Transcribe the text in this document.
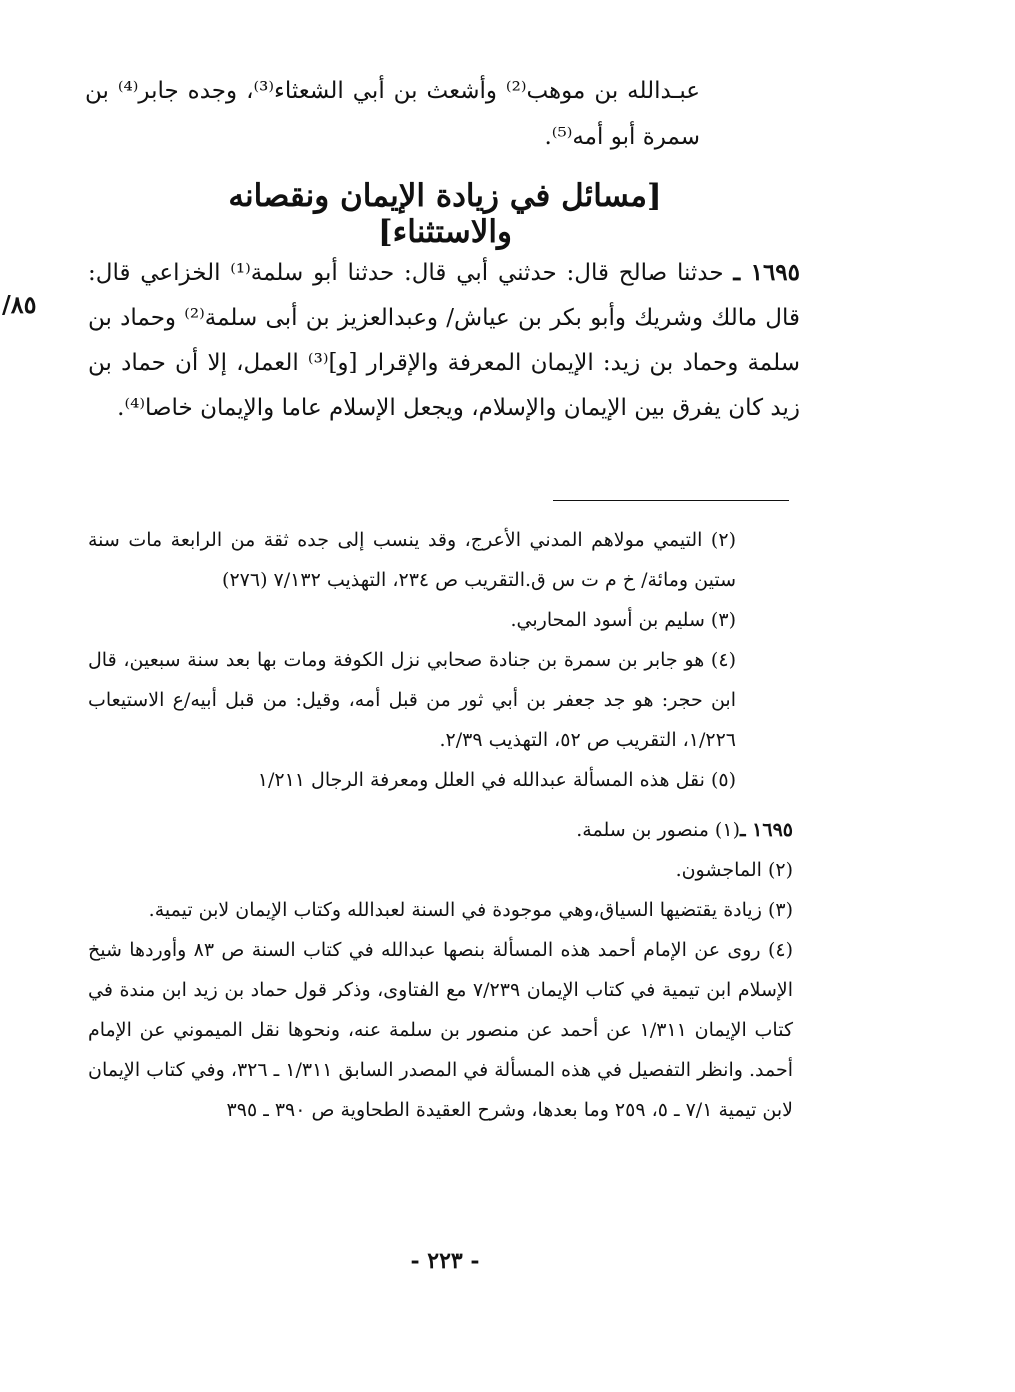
عبـدالله بن موهب⁽²⁾ وأشعث بن أبي الشعثاء⁽³⁾، وجده جابر⁽⁴⁾ بن سمرة أبو أمه⁽⁵⁾.
[مسائل في زيادة الإيمان ونقصانه والاستثناء]
١٦٩٥ ـ حدثنا صالح قال: حدثني أبي قال: حدثنا أبو سلمة⁽¹⁾ الخزاعي قال: قال مالك وشريك وأبو بكر بن عياش/ وعبدالعزيز بن أبى سلمة⁽²⁾ وحماد بن سلمة وحماد بن زيد: الإيمان المعرفة والإقرار [و]⁽³⁾ العمل، إلا أن حماد بن زيد كان يفرق بين الإيمان والإسلام، ويجعل الإسلام عاما والإيمان خاصا⁽⁴⁾.
/٨٥

(٢) التيمي مولاهم المدني الأعرج، وقد ينسب إلى جده ثقة من الرابعة مات سنة ستين ومائة/ خ م ت س ق.التقريب ص ٢٣٤، التهذيب ٧/١٣٢ (٢٧٦)

(٣) سليم بن أسود المحاربي.

(٤) هو جابر بن سمرة بن جنادة صحابي نزل الكوفة ومات بها بعد سنة سبعين، قال ابن حجر: هو جد جعفر بن أبي ثور من قبل أمه، وقيل: من قبل أبيه/ع الاستيعاب ١/٢٢٦، التقريب ص ٥٢، التهذيب ٢/٣٩.

(٥) نقل هذه المسألة عبدالله في العلل ومعرفة الرجال ١/٢١١

١٦٩٥ ـ(١) منصور بن سلمة.

(٢) الماجشون.

(٣) زيادة يقتضيها السياق،وهي موجودة في السنة لعبدالله وكتاب الإيمان لابن تيمية.

(٤) روى عن الإمام أحمد هذه المسألة بنصها عبدالله في كتاب السنة ص ٨٣ وأوردها شيخ الإسلام ابن تيمية في كتاب الإيمان ٧/٢٣٩ مع الفتاوى، وذكر قول حماد بن زيد ابن مندة في كتاب الإيمان ١/٣١١ عن أحمد عن منصور بن سلمة عنه، ونحوها نقل الميموني عن الإمام أحمد. وانظر التفصيل في هذه المسألة في المصدر السابق ١/٣١١ ـ ٣٢٦، وفي كتاب الإيمان لابن تيمية ٧/١ ـ ٥، ٢٥٩ وما بعدها، وشرح العقيدة الطحاوية ص ٣٩٠ ـ ٣٩٥

- ٢٢٣ -
